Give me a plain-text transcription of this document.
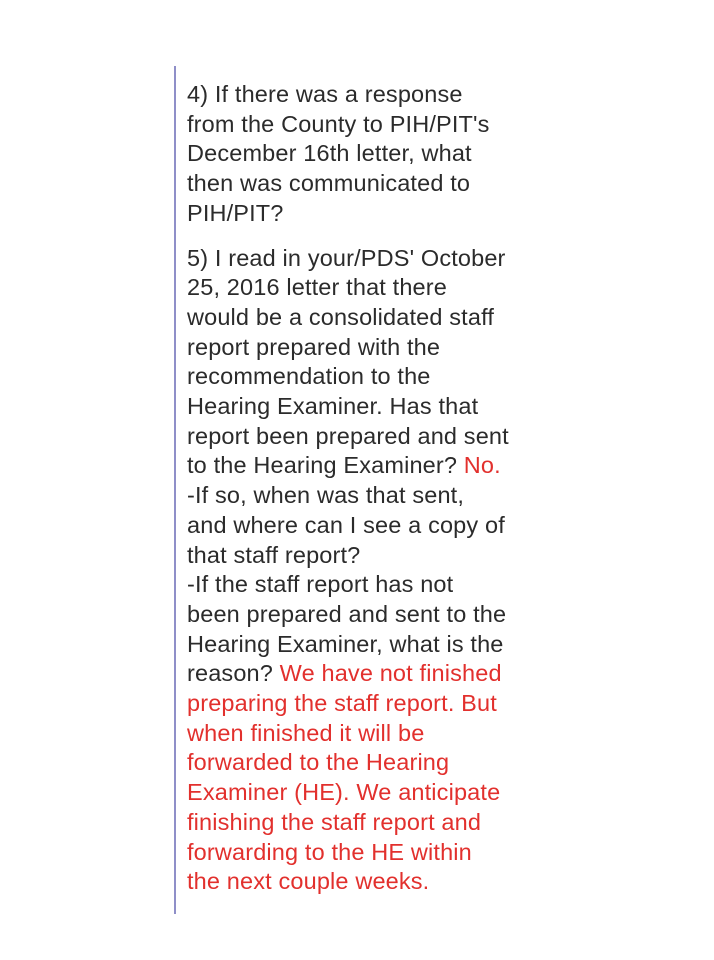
4) If there was a response
from the County to PIH/PIT's
December 16th letter, what
then was communicated to
PIH/PIT?
5) I read in your/PDS' October
25, 2016 letter that there
would be a consolidated staff
report prepared with the
recommendation to the
Hearing Examiner. Has that
report been prepared and sent
to the Hearing Examiner? No.
-If so, when was that sent,
and where can I see a copy of
that staff report?
-If the staff report has not
been prepared and sent to the
Hearing Examiner, what is the
reason? We have not finished
preparing the staff report. But
when finished it will be
forwarded to the Hearing
Examiner (HE). We anticipate
finishing the staff report and
forwarding to the HE within
the next couple weeks.
